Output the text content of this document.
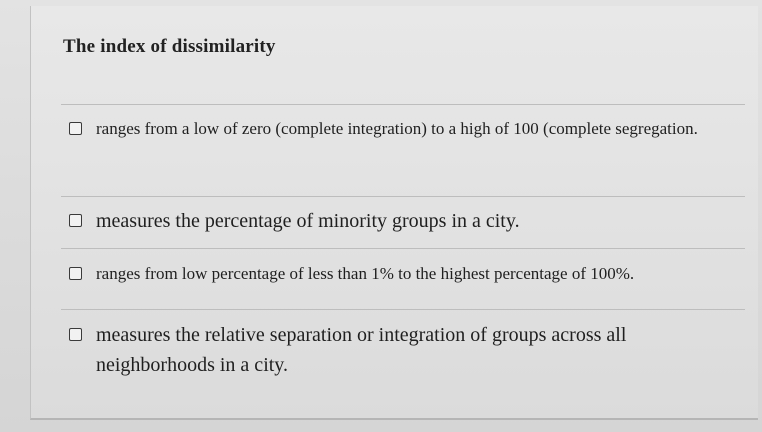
The index of dissimilarity
ranges from a low of zero (complete integration) to a high of 100 (complete segregation.
measures the percentage of minority groups in a city.
ranges from low percentage of less than 1% to the highest percentage of 100%.
measures the relative separation or integration of groups across all neighborhoods in a city.
